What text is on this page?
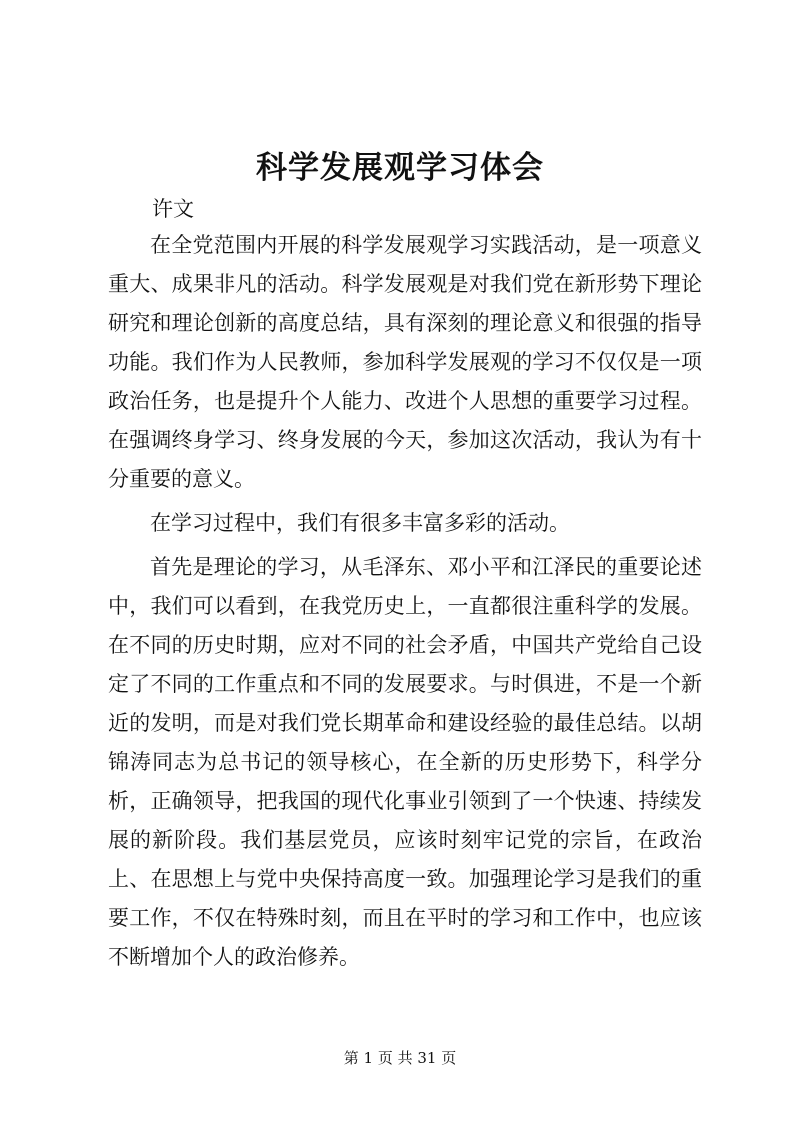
科学发展观学习体会

许文

在全党范围内开展的科学发展观学习实践活动，是一项意义重大、成果非凡的活动。科学发展观是对我们党在新形势下理论研究和理论创新的高度总结，具有深刻的理论意义和很强的指导功能。我们作为人民教师，参加科学发展观的学习不仅仅是一项政治任务，也是提升个人能力、改进个人思想的重要学习过程。在强调终身学习、终身发展的今天，参加这次活动，我认为有十分重要的意义。

在学习过程中，我们有很多丰富多彩的活动。

首先是理论的学习，从毛泽东、邓小平和江泽民的重要论述中，我们可以看到，在我党历史上，一直都很注重科学的发展。在不同的历史时期，应对不同的社会矛盾，中国共产党给自己设定了不同的工作重点和不同的发展要求。与时俱进，不是一个新近的发明，而是对我们党长期革命和建设经验的最佳总结。以胡锦涛同志为总书记的领导核心，在全新的历史形势下，科学分析，正确领导，把我国的现代化事业引领到了一个快速、持续发展的新阶段。我们基层党员，应该时刻牢记党的宗旨，在政治上、在思想上与党中央保持高度一致。加强理论学习是我们的重要工作，不仅在特殊时刻，而且在平时的学习和工作中，也应该不断增加个人的政治修养。

第 1 页 共 31 页
